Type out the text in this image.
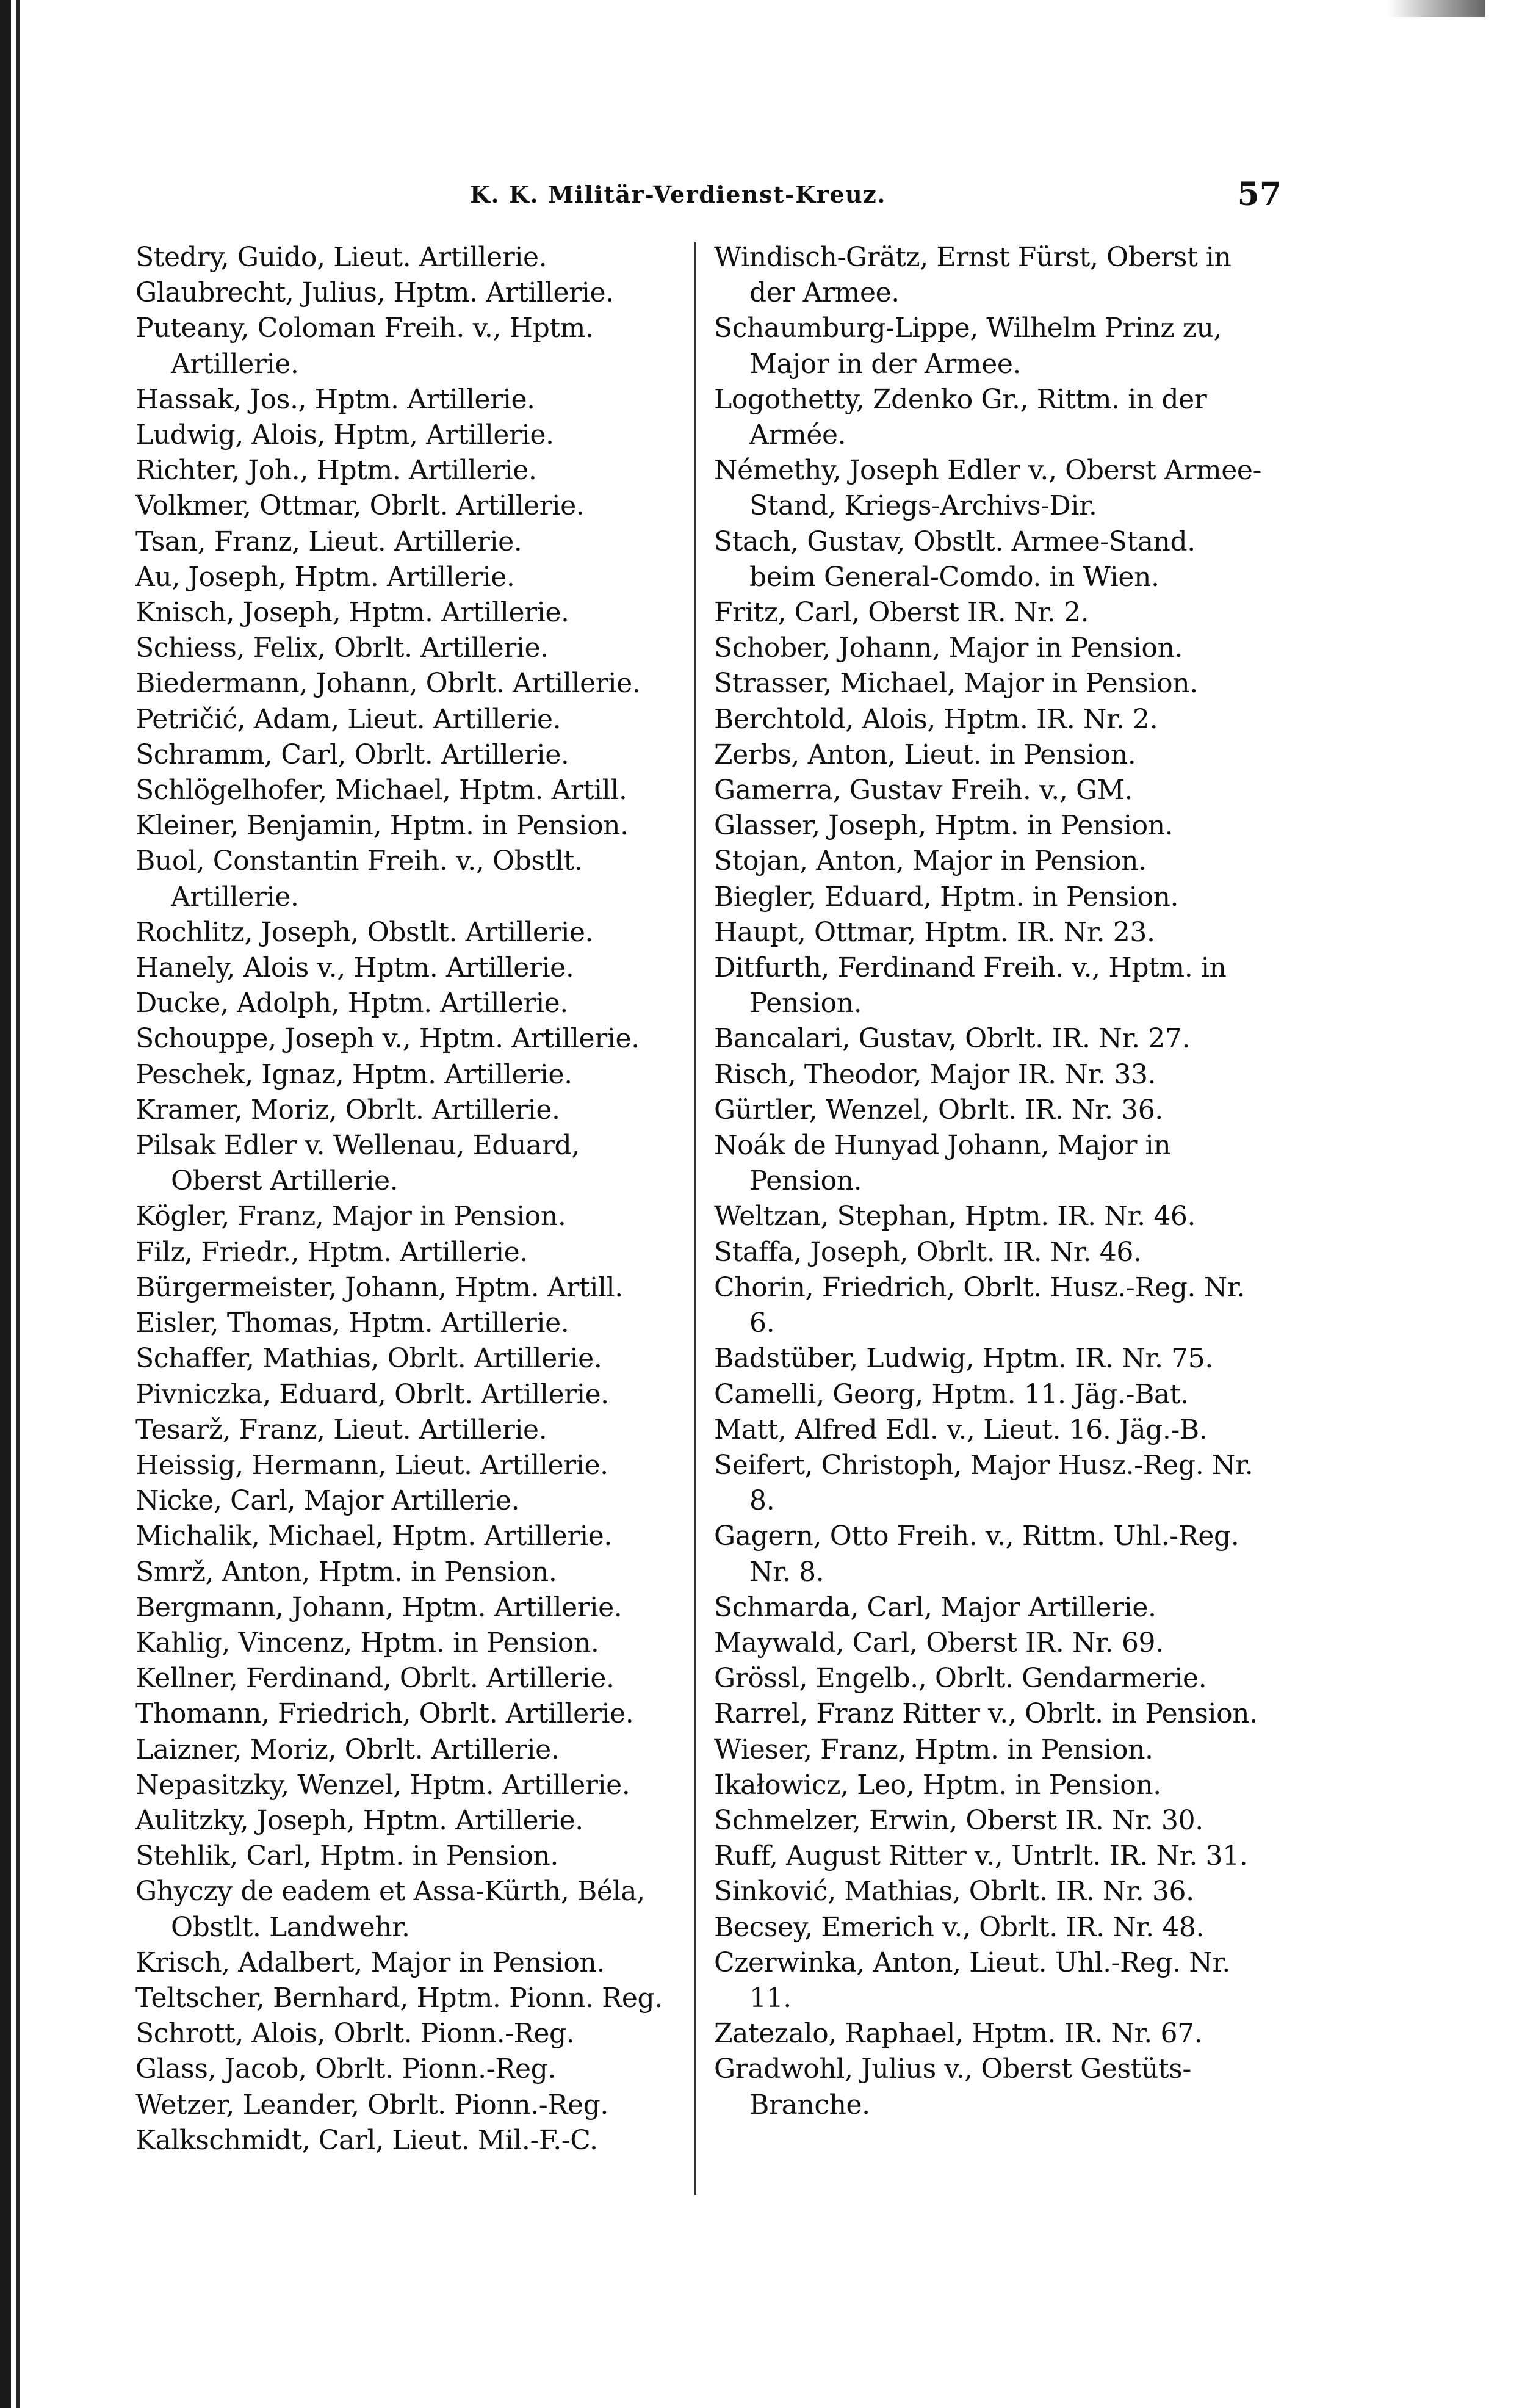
K. K. Militär-Verdienst-Kreuz.	57

Stedry, Guido, Lieut. Artillerie.

Glaubrecht, Julius, Hptm. Artillerie.

Puteany, Coloman Freih. v., Hptm. Artillerie.

Hassak, Jos., Hptm. Artillerie.

Ludwig, Alois, Hptm, Artillerie.

Richter, Joh., Hptm. Artillerie.

Volkmer, Ottmar, Obrlt. Artillerie.

Tsan, Franz, Lieut. Artillerie.

Au, Joseph, Hptm. Artillerie.

Knisch, Joseph, Hptm. Artillerie.

Schiess, Felix, Obrlt. Artillerie.

Biedermann, Johann, Obrlt. Artillerie.

Petričić, Adam, Lieut. Artillerie.

Schramm, Carl, Obrlt. Artillerie.

Schlögelhofer, Michael, Hptm. Artill.

Kleiner, Benjamin, Hptm. in Pension.

Buol, Constantin Freih. v., Obstlt. Artillerie.

Rochlitz, Joseph, Obstlt. Artillerie.

Hanely, Alois v., Hptm. Artillerie.

Ducke, Adolph, Hptm. Artillerie.

Schouppe, Joseph v., Hptm. Artillerie.

Peschek, Ignaz, Hptm. Artillerie.

Kramer, Moriz, Obrlt. Artillerie.

Pilsak Edler v. Wellenau, Eduard, Oberst Artillerie.

Kögler, Franz, Major in Pension.

Filz, Friedr., Hptm. Artillerie.

Bürgermeister, Johann, Hptm. Artill.

Eisler, Thomas, Hptm. Artillerie.

Schaffer, Mathias, Obrlt. Artillerie.

Pivniczka, Eduard, Obrlt. Artillerie.

Tesarž, Franz, Lieut. Artillerie.

Heissig, Hermann, Lieut. Artillerie.

Nicke, Carl, Major Artillerie.

Michalik, Michael, Hptm. Artillerie.

Smrž, Anton, Hptm. in Pension.

Bergmann, Johann, Hptm. Artillerie.

Kahlig, Vincenz, Hptm. in Pension.

Kellner, Ferdinand, Obrlt. Artillerie.

Thomann, Friedrich, Obrlt. Artillerie.

Laizner, Moriz, Obrlt. Artillerie.

Nepasitzky, Wenzel, Hptm. Artillerie.

Aulitzky, Joseph, Hptm. Artillerie.

Stehlik, Carl, Hptm. in Pension.

Ghyczy de eadem et Assa-Kürth, Béla, Obstlt. Landwehr.

Krisch, Adalbert, Major in Pension.

Teltscher, Bernhard, Hptm. Pionn. Reg.

Schrott, Alois, Obrlt. Pionn.-Reg.

Glass, Jacob, Obrlt. Pionn.-Reg.

Wetzer, Leander, Obrlt. Pionn.-Reg.

Kalkschmidt, Carl, Lieut. Mil.-F.-C.

Windisch-Grätz, Ernst Fürst, Oberst in der Armee.

Schaumburg-Lippe, Wilhelm Prinz zu, Major in der Armee.

Logothetty, Zdenko Gr., Rittm. in der Armée.

Némethy, Joseph Edler v., Oberst Armee-Stand, Kriegs-Archivs-Dir.

Stach, Gustav, Obstlt. Armee-Stand. beim General-Comdo. in Wien.

Fritz, Carl, Oberst IR. Nr. 2.

Schober, Johann, Major in Pension.

Strasser, Michael, Major in Pension.

Berchtold, Alois, Hptm. IR. Nr. 2.

Zerbs, Anton, Lieut. in Pension.

Gamerra, Gustav Freih. v., GM.

Glasser, Joseph, Hptm. in Pension.

Stojan, Anton, Major in Pension.

Biegler, Eduard, Hptm. in Pension.

Haupt, Ottmar, Hptm. IR. Nr. 23.

Ditfurth, Ferdinand Freih. v., Hptm. in Pension.

Bancalari, Gustav, Obrlt. IR. Nr. 27.

Risch, Theodor, Major IR. Nr. 33.

Gürtler, Wenzel, Obrlt. IR. Nr. 36.

Noák de Hunyad Johann, Major in Pension.

Weltzan, Stephan, Hptm. IR. Nr. 46.

Staffa, Joseph, Obrlt. IR. Nr. 46.

Chorin, Friedrich, Obrlt. Husz.-Reg. Nr. 6.

Badstüber, Ludwig, Hptm. IR. Nr. 75.

Camelli, Georg, Hptm. 11. Jäg.-Bat.

Matt, Alfred Edl. v., Lieut. 16. Jäg.-B.

Seifert, Christoph, Major Husz.-Reg. Nr. 8.

Gagern, Otto Freih. v., Rittm. Uhl.-Reg. Nr. 8.

Schmarda, Carl, Major Artillerie.

Maywald, Carl, Oberst IR. Nr. 69.

Grössl, Engelb., Obrlt. Gendarmerie.

Rarrel, Franz Ritter v., Obrlt. in Pension.

Wieser, Franz, Hptm. in Pension.

Ikałowicz, Leo, Hptm. in Pension.

Schmelzer, Erwin, Oberst IR. Nr. 30.

Ruff, August Ritter v., Untrlt. IR. Nr. 31.

Sinković, Mathias, Obrlt. IR. Nr. 36.

Becsey, Emerich v., Obrlt. IR. Nr. 48.

Czerwinka, Anton, Lieut. Uhl.-Reg. Nr. 11.

Zatezalo, Raphael, Hptm. IR. Nr. 67.

Gradwohl, Julius v., Oberst Gestüts-Branche.
